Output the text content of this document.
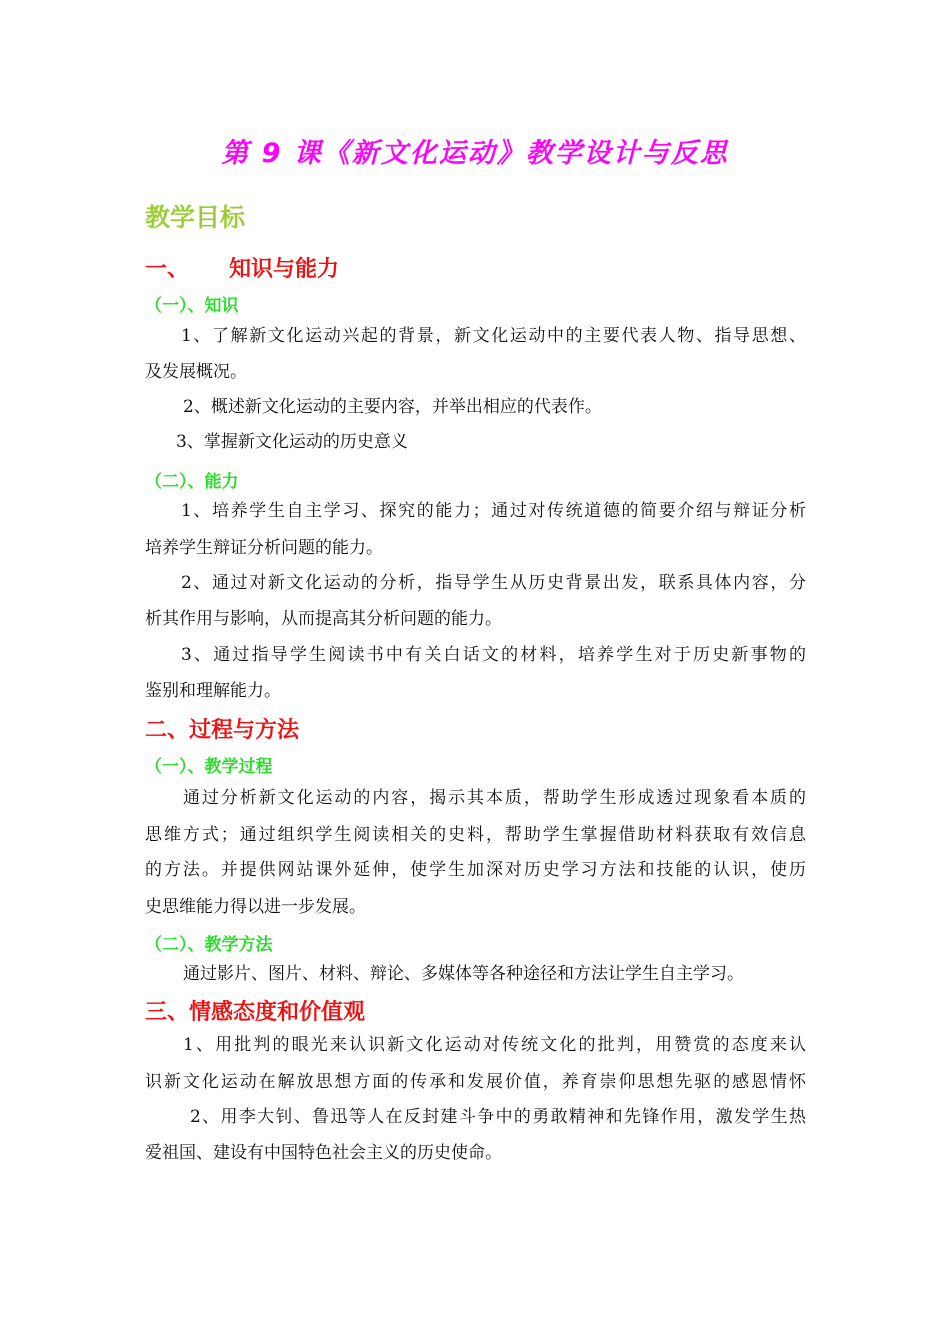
第 9 课《新文化运动》教学设计与反思
教学目标
一、 知识与能力
（一）、知识
1、了解新文化运动兴起的背景，新文化运动中的主要代表人物、指导思想、
及发展概况。
2、概述新文化运动的主要内容，并举出相应的代表作。
3、掌握新文化运动的历史意义
（二）、能力
1、培养学生自主学习、探究的能力；通过对传统道德的简要介绍与辩证分析
培养学生辩证分析问题的能力。
2、通过对新文化运动的分析，指导学生从历史背景出发，联系具体内容，分
析其作用与影响，从而提高其分析问题的能力。
3、通过指导学生阅读书中有关白话文的材料，培养学生对于历史新事物的
鉴别和理解能力。
二、过程与方法
（一）、教学过程
通过分析新文化运动的内容，揭示其本质，帮助学生形成透过现象看本质的
思维方式；通过组织学生阅读相关的史料，帮助学生掌握借助材料获取有效信息
的方法。并提供网站课外延伸，使学生加深对历史学习方法和技能的认识，使历
史思维能力得以进一步发展。
（二）、教学方法
通过影片、图片、材料、辩论、多媒体等各种途径和方法让学生自主学习。
三、情感态度和价值观
1、用批判的眼光来认识新文化运动对传统文化的批判，用赞赏的态度来认
识新文化运动在解放思想方面的传承和发展价值，养育崇仰思想先驱的感恩情怀
2、用李大钊、鲁迅等人在反封建斗争中的勇敢精神和先锋作用，激发学生热
爱祖国、建设有中国特色社会主义的历史使命。
